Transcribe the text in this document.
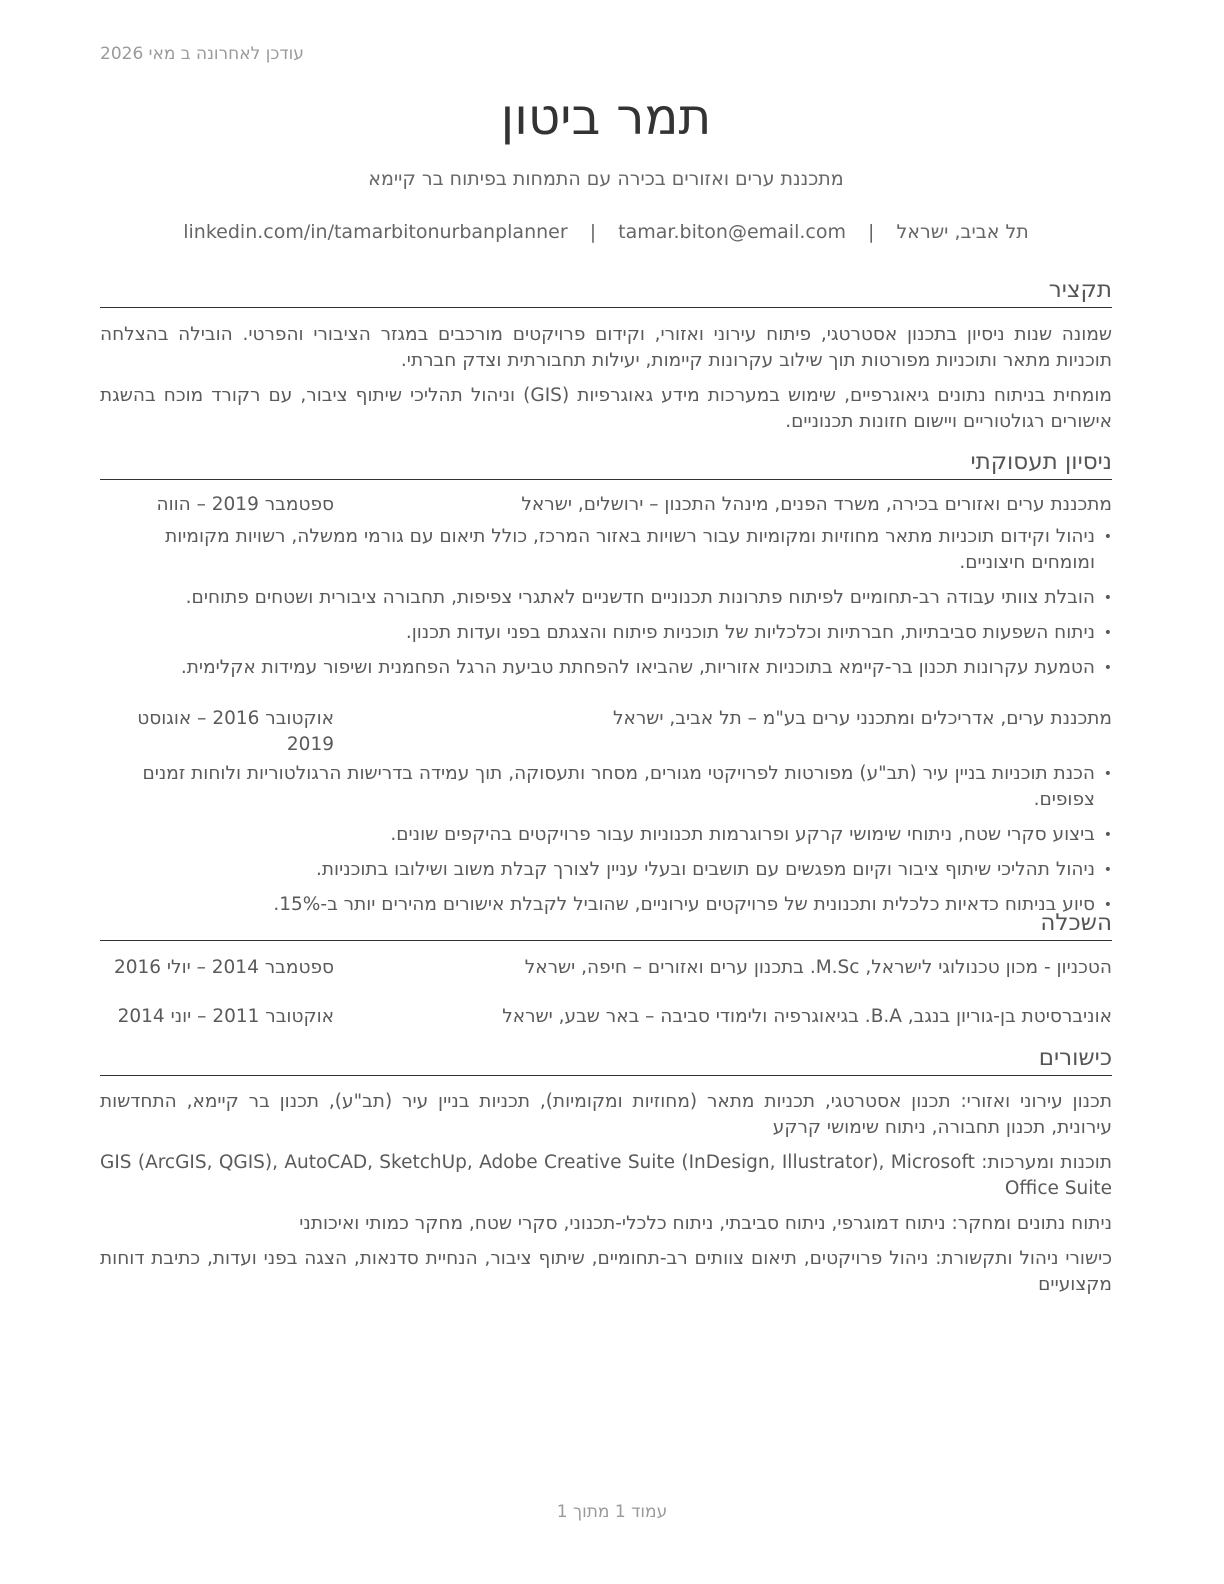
עודכן לאחרונה ב מאי 2026
תמר ביטון
מתכננת ערים ואזורים בכירה עם התמחות בפיתוח בר קיימא
תל אביב, ישראל | tamar.biton@email.com | linkedin.com/in/tamarbitonurbanplanner
תקציר

שמונה שנות ניסיון בתכנון אסטרטגי, פיתוח עירוני ואזורי, וקידום פרויקטים מורכבים במגזר הציבורי והפרטי. הובילה בהצלחה תוכניות מתאר ותוכניות מפורטות תוך שילוב עקרונות קיימות, יעילות תחבורתית וצדק חברתי.

מומחית בניתוח נתונים גיאוגרפיים, שימוש במערכות מידע גאוגרפיות (GIS) וניהול תהליכי שיתוף ציבור, עם רקורד מוכח בהשגת אישורים רגולטוריים ויישום חזונות תכנוניים.

ניסיון תעסוקתי
מתכננת ערים ואזורים בכירה, משרד הפנים, מינהל התכנון – ירושלים, ישראל
ספטמבר 2019 – הווה
•
ניהול וקידום תוכניות מתאר מחוזיות ומקומיות עבור רשויות באזור המרכז, כולל תיאום עם גורמי ממשלה, רשויות מקומיות ומומחים חיצוניים.
•
הובלת צוותי עבודה רב-תחומיים לפיתוח פתרונות תכנוניים חדשניים לאתגרי צפיפות, תחבורה ציבורית ושטחים פתוחים.
•
ניתוח השפעות סביבתיות, חברתיות וכלכליות של תוכניות פיתוח והצגתם בפני ועדות תכנון.
•
הטמעת עקרונות תכנון בר-קיימא בתוכניות אזוריות, שהביאו להפחתת טביעת הרגל הפחמנית ושיפור עמידות אקלימית.
מתכננת ערים, אדריכלים ומתכנני ערים בע"מ – תל אביב, ישראל
אוקטובר 2016 – אוגוסט 2019
•
הכנת תוכניות בניין עיר (תב"ע) מפורטות לפרויקטי מגורים, מסחר ותעסוקה, תוך עמידה בדרישות הרגולטוריות ולוחות זמנים צפופים.
•
ביצוע סקרי שטח, ניתוחי שימושי קרקע ופרוגרמות תכנוניות עבור פרויקטים בהיקפים שונים.
•
ניהול תהליכי שיתוף ציבור וקיום מפגשים עם תושבים ובעלי עניין לצורך קבלת משוב ושילובו בתוכניות.
•
סיוע בניתוח כדאיות כלכלית ותכנונית של פרויקטים עירוניים, שהוביל לקבלת אישורים מהירים יותר ב-15%.
השכלה
הטכניון - מכון טכנולוגי לישראל, M.Sc. בתכנון ערים ואזורים – חיפה, ישראל
ספטמבר 2014 – יולי 2016
אוניברסיטת בן-גוריון בנגב, B.A. בגיאוגרפיה ולימודי סביבה – באר שבע, ישראל
אוקטובר 2011 – יוני 2014
כישורים

תכנון עירוני ואזורי: תכנון אסטרטגי, תכניות מתאר (מחוזיות ומקומיות), תכניות בניין עיר (תב"ע), תכנון בר קיימא, התחדשות עירונית, תכנון תחבורה, ניתוח שימושי קרקע

תוכנות ומערכות: GIS (ArcGIS, QGIS), AutoCAD, SketchUp, Adobe Creative Suite (InDesign, Illustrator), Microsoft Office Suite

ניתוח נתונים ומחקר: ניתוח דמוגרפי, ניתוח סביבתי, ניתוח כלכלי-תכנוני, סקרי שטח, מחקר כמותי ואיכותני

כישורי ניהול ותקשורת: ניהול פרויקטים, תיאום צוותים רב-תחומיים, שיתוף ציבור, הנחיית סדנאות, הצגה בפני ועדות, כתיבת דוחות מקצועיים

עמוד 1 מתוך 1
